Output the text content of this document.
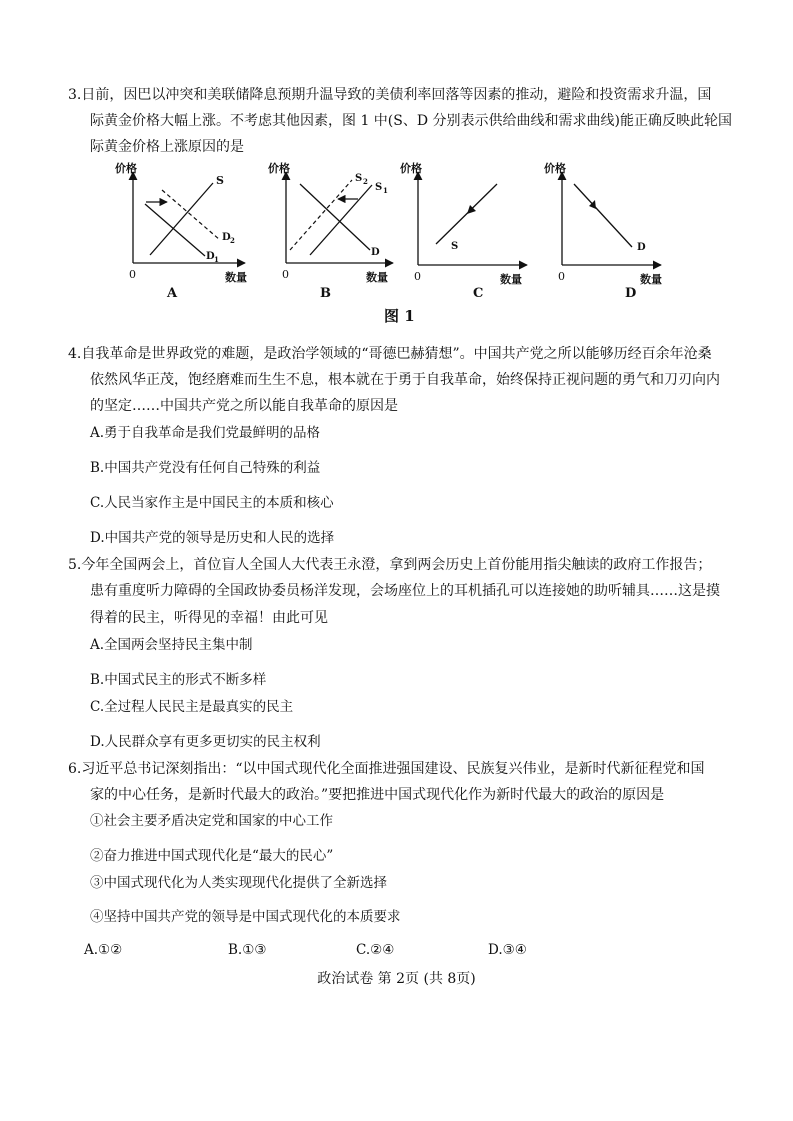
3.日前，因巴以冲突和美联储降息预期升温导致的美债利率回落等因素的推动，避险和投资需求升温，国
际黄金价格大幅上涨。不考虑其他因素，图 1 中(S、D 分别表示供给曲线和需求曲线)能正确反映此轮国
际黄金价格上涨原因的是
价格
数量
0
S
D 2
D 1
A
价格
数量
0
S 2
S 1
D
B
价格
数量
0
S
C
价格
数量
0
D
D
图 1
4.自我革命是世界政党的难题，是政治学领域的“哥德巴赫猜想”。中国共产党之所以能够历经百余年沧桑
依然风华正茂，饱经磨难而生生不息，根本就在于勇于自我革命，始终保持正视问题的勇气和刀刃向内
的坚定……中国共产党之所以能自我革命的原因是
A.勇于自我革命是我们党最鲜明的品格
B.中国共产党没有任何自己特殊的利益
C.人民当家作主是中国民主的本质和核心
D.中国共产党的领导是历史和人民的选择
5.今年全国两会上，首位盲人全国人大代表王永澄，拿到两会历史上首份能用指尖触读的政府工作报告；
患有重度听力障碍的全国政协委员杨洋发现，会场座位上的耳机插孔可以连接她的助听辅具……这是摸
得着的民主，听得见的幸福！由此可见
A.全国两会坚持民主集中制
B.中国式民主的形式不断多样
C.全过程人民民主是最真实的民主
D.人民群众享有更多更切实的民主权利
6.习近平总书记深刻指出：“以中国式现代化全面推进强国建设、民族复兴伟业，是新时代新征程党和国
家的中心任务，是新时代最大的政治。”要把推进中国式现代化作为新时代最大的政治的原因是
①社会主要矛盾决定党和国家的中心工作
②奋力推进中国式现代化是“最大的民心”
③中国式现代化为人类实现现代化提供了全新选择
④坚持中国共产党的领导是中国式现代化的本质要求
A.①②	B.①③	C.②④	D.③④
政治试卷 第 2页 (共 8页)
